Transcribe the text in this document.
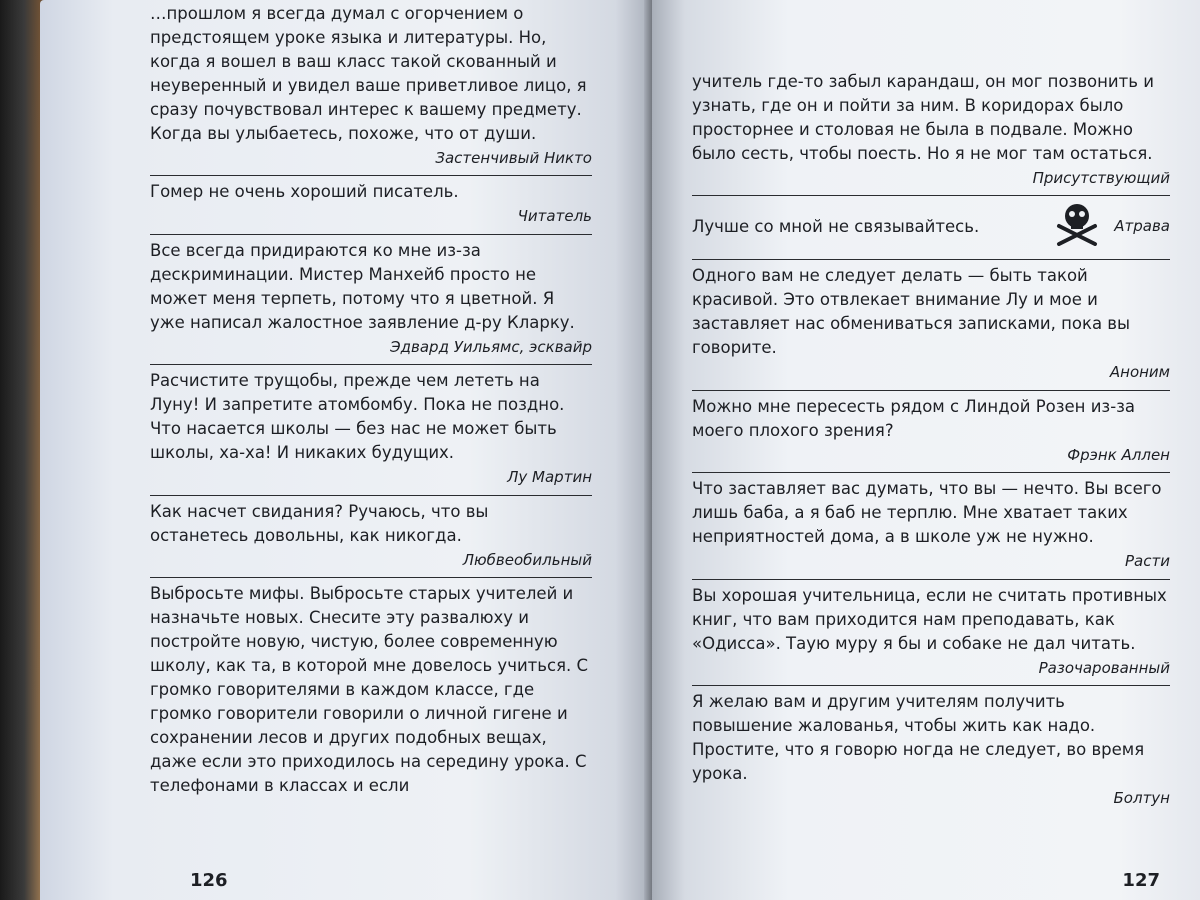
…прошлом я всегда думал с огорчением о предстоящем уроке языка и литературы. Но, когда я вошел в ваш класс такой скованный и неуверенный и увидел ваше приветливое лицо, я сразу почувствовал интерес к вашему предмету. Когда вы улыбаетесь, похоже, что от души.

Застенчивый Никто

Гомер не очень хороший писатель.

Читатель

Все всегда придираются ко мне из-за дескриминации. Мистер Манхейб просто не может меня терпеть, потому что я цветной. Я уже написал жалостное заявление д-ру Кларку.

Эдвард Уильямс, эсквайр

Расчистите трущобы, прежде чем лететь на Луну! И запретите атомбомбу. Пока не поздно. Что насается школы — без нас не может быть школы, ха-ха! И никаких будущих.

Лу Мартин

Как насчет свидания? Ручаюсь, что вы останетесь довольны, как никогда.

Любвеобильный

Выбросьте мифы. Выбросьте старых учителей и назначьте новых. Снесите эту развалюху и постройте новую, чистую, более современную школу, как та, в которой мне довелось учиться. С громко говорителями в каждом классе, где громко говорители говорили о личной гигене и сохранении лесов и других подобных вещах, даже если это приходилось на середину урока. С телефонами в классах и если

126

учитель где-то забыл карандаш, он мог позвонить и узнать, где он и пойти за ним. В коридорах было просторнее и столовая не была в подвале. Можно было сесть, чтобы поесть. Но я не мог там остаться.

Присутствующий
Лучше со мной не связывайтесь.	Атрава

Одного вам не следует делать — быть такой красивой. Это отвлекает внимание Лу и мое и заставляет нас обмениваться записками, пока вы говорите.

Аноним

Можно мне пересесть рядом с Линдой Розен из-за моего плохого зрения?

Фрэнк Аллен

Что заставляет вас думать, что вы — нечто. Вы всего лишь баба, а я баб не терплю. Мне хватает таких неприятностей дома, а в школе уж не нужно.

Расти

Вы хорошая учительница, если не считать противных книг, что вам приходится нам преподавать, как «Одисса». Таую муру я бы и собаке не дал читать.

Разочарованный

Я желаю вам и другим учителям получить повышение жалованья, чтобы жить как надо. Простите, что я говорю ногда не следует, во время урока.

Болтун
127
